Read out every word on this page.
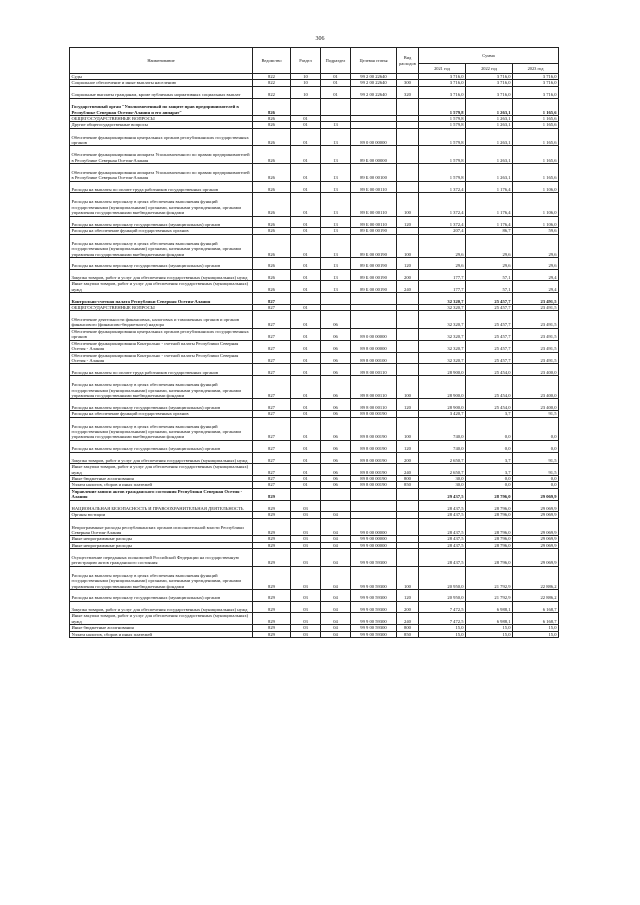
306
Наименование	Ведомство	Раздел	Подраздел	Целевая статья	Вид расходов	Сумма		
						2021 год	2022 год	2023 год
Суды	822	10	01	99 2 00 22640		3 716,0	3 716,0	3 716,0
Социальное обеспечение и иные выплаты населению	822	10	01	99 2 00 22640	300	3 716,0	3 716,0	3 716,0
Социальные выплаты гражданам, кроме публичных нормативных социальных выплат	822	10	01	99 2 00 22640	320	3 716,0	3 716,0	3 716,0
Государственный орган "Уполномоченный по защите прав предпринимателей в Республике Северная Осетия-Алания и его аппарат"	826					1 579,8	1 263,1	1 165,6
ОБЩЕГОСУДАРСТВЕННЫЕ ВОПРОСЫ	826	01				1 579,8	1 263,1	1 165,6
Другие общегосударственные вопросы	826	01	13			1 579,8	1 263,1	1 165,6
Обеспечение функционирования центральных органов республиканских государственных органов	826	01	13	89 0 00 00000		1 579,8	1 263,1	1 165,6
Обеспечение функционирования аппарата Уполномоченного по правам предпринимателей в Республике Северная Осетия-Алания	826	01	13	89 Б 00 00000		1 579,8	1 263,1	1 165,6
Обеспечение функционирования аппарата Уполномоченного по правам предпринимателей в Республике Северная Осетия-Алания	826	01	13	89 Б 00 00100		1 579,8	1 263,1	1 165,6
Расходы на выплаты по оплате труда работников государственных органов	826	01	13	89 Б 00 00110		1 372,4	1 176,4	1 106,0
Расходы на выплаты персоналу в целях обеспечения выполнения функций государственными (муниципальными) органами, казенными учреждениями, органами управления государственными внебюджетными фондами	826	01	13	89 Б 00 00110	100	1 372,4	1 176,4	1 106,0
Расходы на выплаты персоналу государственных (муниципальных) органов	826	01	13	89 Б 00 00110	120	1 372,4	1 176,4	1 106,0
Расходы на обеспечение функций государственных органов	826	01	13	89 Б 00 00190		207,4	86,7	59,6
Расходы на выплаты персоналу в целях обеспечения выполнения функций государственными (муниципальными) органами, казенными учреждениями, органами управления государственными внебюджетными фондами	826	01	13	89 Б 00 00190	100	29,6	29,6	29,6
Расходы на выплаты персоналу государственных (муниципальных) органов	826	01	13	89 Б 00 00190	120	29,6	29,6	29,6
Закупка товаров, работ и услуг для обеспечения государственных (муниципальных) нужд	826	01	13	89 Б 00 00190	200	177,7	57,1	29,4
Иные закупки товаров, работ и услуг для обеспечения государственных (муниципальных) нужд	826	01	13	89 Б 00 00190	240	177,7	57,1	29,4
Контрольно-счетная палата Республики Северная Осетия-Алания	827					32 320,7	25 457,7	23 491,5
ОБЩЕГОСУДАРСТВЕННЫЕ ВОПРОСЫ	827	01				32 320,7	25 457,7	23 491,5
Обеспечение деятельности финансовых, налоговых и таможенных органов и органов финансового (финансово-бюджетного) надзора	827	01	06			32 320,7	25 457,7	23 491,5
Обеспечение функционирования центральных органов республиканских государственных органов	827	01	06	89 0 00 00000		32 320,7	25 457,7	23 491,5
Обеспечение функционирования Контрольно - счетной палаты Республики Северная Осетия - Алания	827	01	06	89 8 00 00000		32 320,7	25 457,7	23 491,5
Обеспечение функционирования Контрольно - счетной палаты Республики Северная Осетия - Алания	827	01	06	89 8 00 00100		32 320,7	25 457,7	23 491,5
Расходы на выплаты по оплате труда работников государственных органов	827	01	06	89 8 00 00110		28 900,0	25 454,0	23 400,0
Расходы на выплаты персоналу в целях обеспечения выполнения функций государственными (муниципальными) органами, казенными учреждениями, органами управления государственными внебюджетными фондами	827	01	06	89 8 00 00110	100	28 900,0	25 454,0	23 400,0
Расходы на выплаты персоналу государственных (муниципальных) органов	827	01	06	89 8 00 00110	120	28 900,0	25 454,0	23 400,0
Расходы на обеспечение функций государственных органов	827	01	06	89 8 00 00190		3 420,7	3,7	91,5
Расходы на выплаты персоналу в целях обеспечения выполнения функций государственными (муниципальными) органами, казенными учреждениями, органами управления государственными внебюджетными фондами	827	01	06	89 8 00 00190	100	740,0	0,0	0,0
Расходы на выплаты персоналу государственных (муниципальных) органов	827	01	06	89 8 00 00190	120	740,0	0,0	0,0
Закупка товаров, работ и услуг для обеспечения государственных (муниципальных) нужд	827	01	06	89 8 00 00190	200	2 650,7	3,7	91,5
Иные закупки товаров, работ и услуг для обеспечения государственных (муниципальных) нужд	827	01	06	89 8 00 00190	240	2 650,7	3,7	91,5
Иные бюджетные ассигнования	827	01	06	89 8 00 00190	800	30,0	0,0	0,0
Уплата налогов, сборов и иных платежей	827	01	06	89 8 00 00190	850	30,0	0,0	0,0
Управление записи актов гражданского состояния Республики Северная Осетия - Алания	829					29 437,5	28 796,0	29 069,9
НАЦИОНАЛЬНАЯ БЕЗОПАСНОСТЬ И ПРАВООХРАНИТЕЛЬНАЯ ДЕЯТЕЛЬНОСТЬ	829	03				28 437,5	28 796,0	29 069,9
Органы юстиции	829	03	04			28 437,5	28 796,0	29 069,9
Непрограммные расходы республиканских органов исполнительной власти Республики Северная Осетия-Алания	829	03	04	99 0 00 00000		28 437,5	28 796,0	29 069,9
Иные непрограммные расходы	829	03	04	99 9 00 00000		28 437,5	28 796,0	29 069,9
Иные непрограммные расходы	829	03	04	99 9 00 00000		28 437,5	28 796,0	29 069,9
Осуществление переданных полномочий Российской Федерации на государственную регистрацию актов гражданского состояния	829	03	04	99 9 00 59300		28 437,5	28 796,0	29 069,9
Расходы на выплаты персоналу в целях обеспечения выполнения функций государственными (муниципальными) органами, казенными учреждениями, органами управления государственными внебюджетными фондами	829	03	04	99 9 00 59300	100	20 950,0	21 792,9	22 886,2
Расходы на выплаты персоналу государственных (муниципальных) органов	829	03	04	99 9 00 59300	120	20 950,0	21 792,9	22 886,2
Закупка товаров, работ и услуг для обеспечения государственных (муниципальных) нужд	829	03	04	99 9 00 59300	200	7 472,5	6 988,1	6 168,7
Иные закупки товаров, работ и услуг для обеспечения государственных (муниципальных) нужд	829	03	04	99 9 00 59300	240	7 472,5	6 988,1	6 168,7
Иные бюджетные ассигнования	829	03	04	99 9 00 59300	800	15,0	15,0	15,0
Уплата налогов, сборов и иных платежей	829	03	04	99 9 00 59300	850	15,0	15,0	15,0
